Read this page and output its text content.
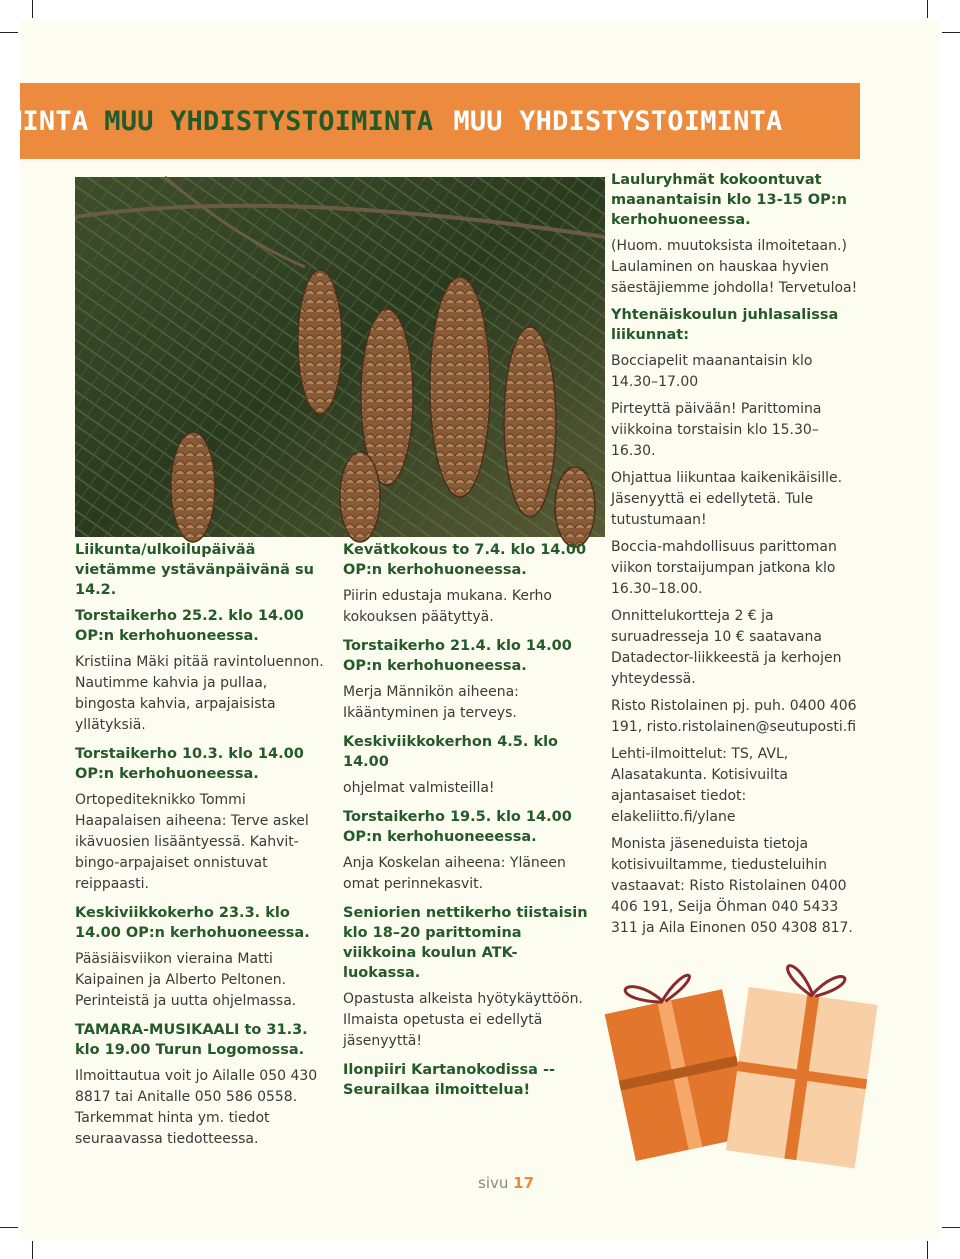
MINTA MUU YHDISTYSTOIMINTA MUU YHDISTYSTOIMINTA
Liikunta/ulkoilupäivää vietämme ystävänpäivänä su 14.2.
Torstaikerho 25.2. klo 14.00 OP:n kerhohuoneessa.

Kristiina Mäki pitää ravintoluennon. Nautimme kahvia ja pullaa, bingosta kahvia, arpajaisista yllätyksiä.

Torstaikerho 10.3. klo 14.00 OP:n kerhohuoneessa.

Ortopediteknikko Tommi Haapalaisen aiheena: Terve askel ikävuosien lisääntyessä. Kahvit-bingo-arpajaiset onnistuvat reippaasti.

Keskiviikkokerho 23.3. klo 14.00 OP:n kerhohuoneessa.

Pääsiäisviikon vieraina Matti Kaipainen ja Alberto Peltonen. Perinteistä ja uutta ohjelmassa.

TAMARA-MUSIKAALI to 31.3. klo 19.00 Turun Logomossa.

Ilmoittautua voit jo Ailalle 050 430 8817 tai Anitalle 050 586 0558. Tarkemmat hinta ym. tiedot seuraavassa tiedotteessa.

Kevätkokous to 7.4. klo 14.00 OP:n kerhohuoneessa.

Piirin edustaja mukana. Kerho kokouksen päätyttyä.

Torstaikerho 21.4. klo 14.00 OP:n kerhohuoneessa.

Merja Männikön aiheena: Ikääntyminen ja terveys.

Keskiviikkokerhon 4.5. klo 14.00

ohjelmat valmisteilla!

Torstaikerho 19.5. klo 14.00 OP:n kerhohuoneeessa.

Anja Koskelan aiheena: Yläneen omat perinnekasvit.

Seniorien nettikerho tiistaisin klo 18–20 parittomina viikkoina koulun ATK-luokassa.

Opastusta alkeista hyötykäyttöön. Ilmaista opetusta ei edellytä jäsenyyttä!

Ilonpiiri Kartanokodissa -- Seurailkaa ilmoittelua!
Lauluryhmät kokoontuvat maanantaisin klo 13-15 OP:n kerhohuoneessa.

(Huom. muutoksista ilmoitetaan.) Laulaminen on hauskaa hyvien säestäjiemme johdolla! Tervetuloa!

Yhtenäiskoulun juhlasalissa liikunnat:

Bocciapelit maanantaisin klo 14.30–17.00

Pirteyttä päivään! Parittomina viikkoina torstaisin klo 15.30–16.30.

Ohjattua liikuntaa kaikenikäisille. Jäsenyyttä ei edellytetä. Tule tutustumaan!

Boccia-mahdollisuus parittoman viikon torstaijumpan jatkona klo 16.30–18.00.

Onnittelukortteja 2 € ja suruadresseja 10 € saatavana Datadector-liikkeestä ja kerhojen yhteydessä.

Risto Ristolainen pj. puh. 0400 406 191, risto.ristolainen@seutuposti.fi

Lehti-ilmoittelut: TS, AVL, Alasatakunta. Kotisivuilta ajantasaiset tiedot: elakeliitto.fi/ylane

Monista jäseneduista tietoja kotisivuiltamme, tiedusteluihin vastaavat: Risto Ristolainen 0400 406 191, Seija Öhman 040 5433 311 ja Aila Einonen 050 4308 817.

sivu 17
